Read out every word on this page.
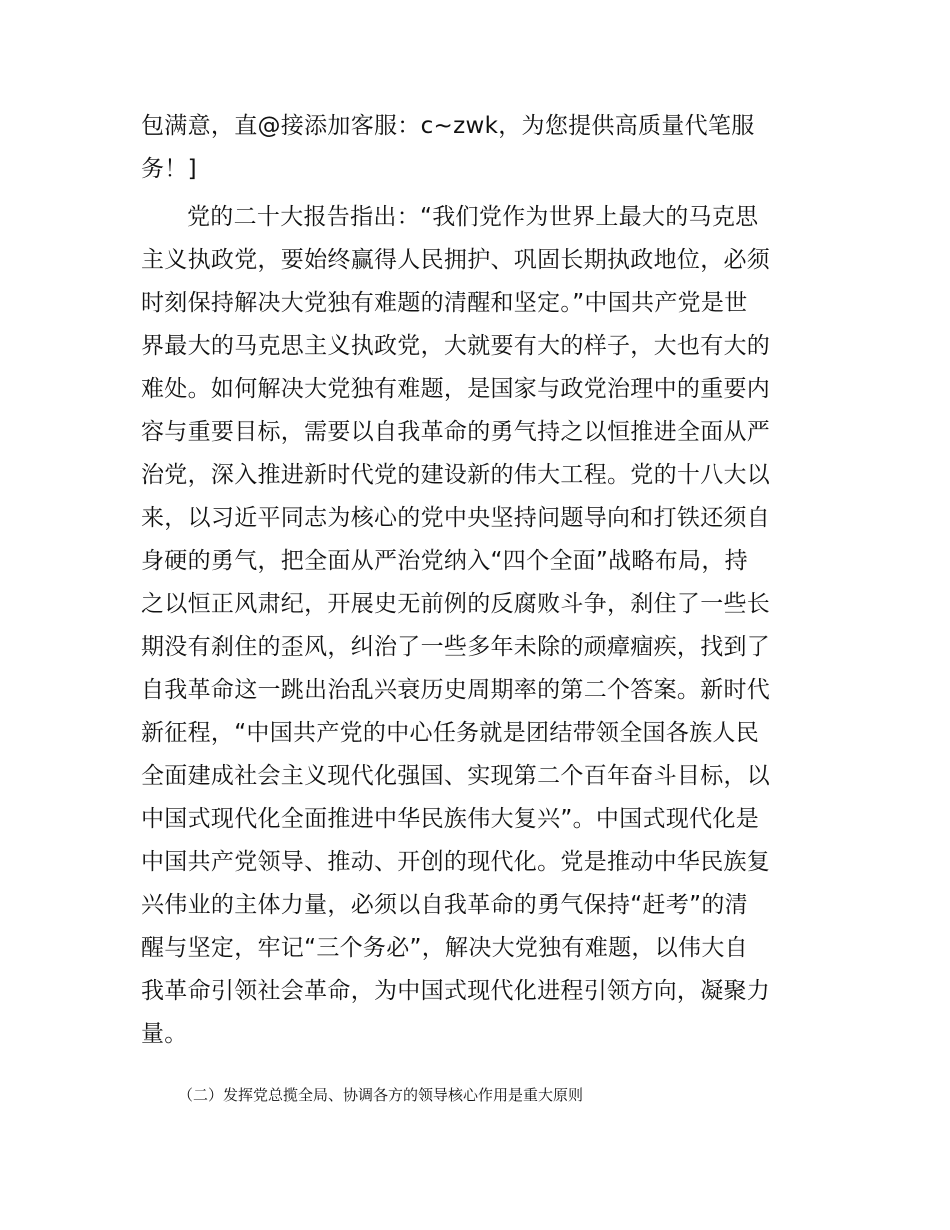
包满意，直@接添加客服：c~zwk，为您提供高质量代笔服
务！]

党的二十大报告指出：“我们党作为世界上最大的马克思
主义执政党，要始终赢得人民拥护、巩固长期执政地位，必须
时刻保持解决大党独有难题的清醒和坚定。”中国共产党是世
界最大的马克思主义执政党，大就要有大的样子，大也有大的
难处。如何解决大党独有难题，是国家与政党治理中的重要内
容与重要目标，需要以自我革命的勇气持之以恒推进全面从严
治党，深入推进新时代党的建设新的伟大工程。党的十八大以
来，以习近平同志为核心的党中央坚持问题导向和打铁还须自
身硬的勇气，把全面从严治党纳入“四个全面”战略布局，持
之以恒正风肃纪，开展史无前例的反腐败斗争，刹住了一些长
期没有刹住的歪风，纠治了一些多年未除的顽瘴痼疾，找到了
自我革命这一跳出治乱兴衰历史周期率的第二个答案。新时代
新征程，“中国共产党的中心任务就是团结带领全国各族人民
全面建成社会主义现代化强国、实现第二个百年奋斗目标，以
中国式现代化全面推进中华民族伟大复兴”。中国式现代化是
中国共产党领导、推动、开创的现代化。党是推动中华民族复
兴伟业的主体力量，必须以自我革命的勇气保持“赶考”的清
醒与坚定，牢记“三个务必”，解决大党独有难题，以伟大自
我革命引领社会革命，为中国式现代化进程引领方向，凝聚力
量。

（二）发挥党总揽全局、协调各方的领导核心作用是重大原则
